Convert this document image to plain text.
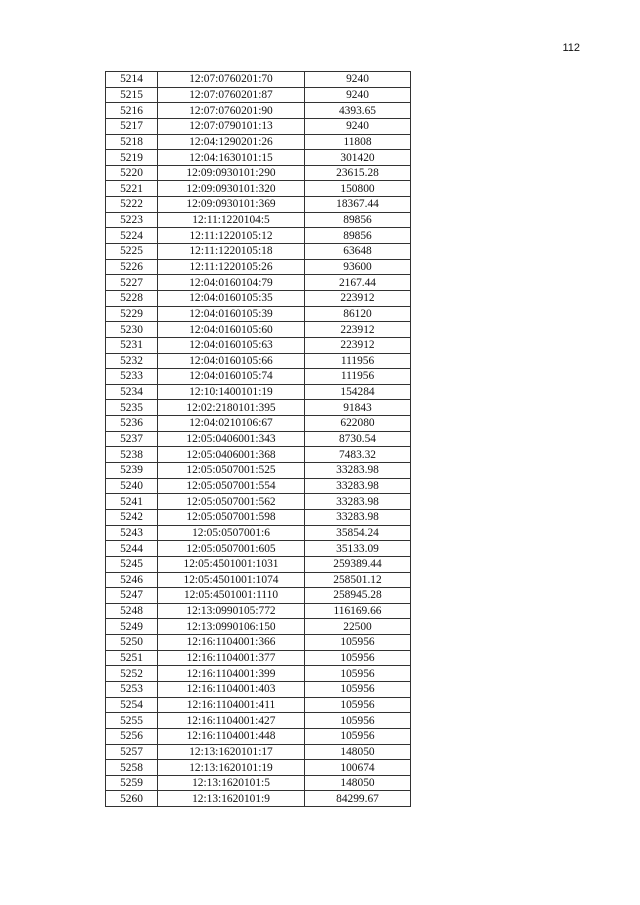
112
5214	12:07:0760201:70	9240
5215	12:07:0760201:87	9240
5216	12:07:0760201:90	4393.65
5217	12:07:0790101:13	9240
5218	12:04:1290201:26	11808
5219	12:04:1630101:15	301420
5220	12:09:0930101:290	23615.28
5221	12:09:0930101:320	150800
5222	12:09:0930101:369	18367.44
5223	12:11:1220104:5	89856
5224	12:11:1220105:12	89856
5225	12:11:1220105:18	63648
5226	12:11:1220105:26	93600
5227	12:04:0160104:79	2167.44
5228	12:04:0160105:35	223912
5229	12:04:0160105:39	86120
5230	12:04:0160105:60	223912
5231	12:04:0160105:63	223912
5232	12:04:0160105:66	111956
5233	12:04:0160105:74	111956
5234	12:10:1400101:19	154284
5235	12:02:2180101:395	91843
5236	12:04:0210106:67	622080
5237	12:05:0406001:343	8730.54
5238	12:05:0406001:368	7483.32
5239	12:05:0507001:525	33283.98
5240	12:05:0507001:554	33283.98
5241	12:05:0507001:562	33283.98
5242	12:05:0507001:598	33283.98
5243	12:05:0507001:6	35854.24
5244	12:05:0507001:605	35133.09
5245	12:05:4501001:1031	259389.44
5246	12:05:4501001:1074	258501.12
5247	12:05:4501001:1110	258945.28
5248	12:13:0990105:772	116169.66
5249	12:13:0990106:150	22500
5250	12:16:1104001:366	105956
5251	12:16:1104001:377	105956
5252	12:16:1104001:399	105956
5253	12:16:1104001:403	105956
5254	12:16:1104001:411	105956
5255	12:16:1104001:427	105956
5256	12:16:1104001:448	105956
5257	12:13:1620101:17	148050
5258	12:13:1620101:19	100674
5259	12:13:1620101:5	148050
5260	12:13:1620101:9	84299.67
